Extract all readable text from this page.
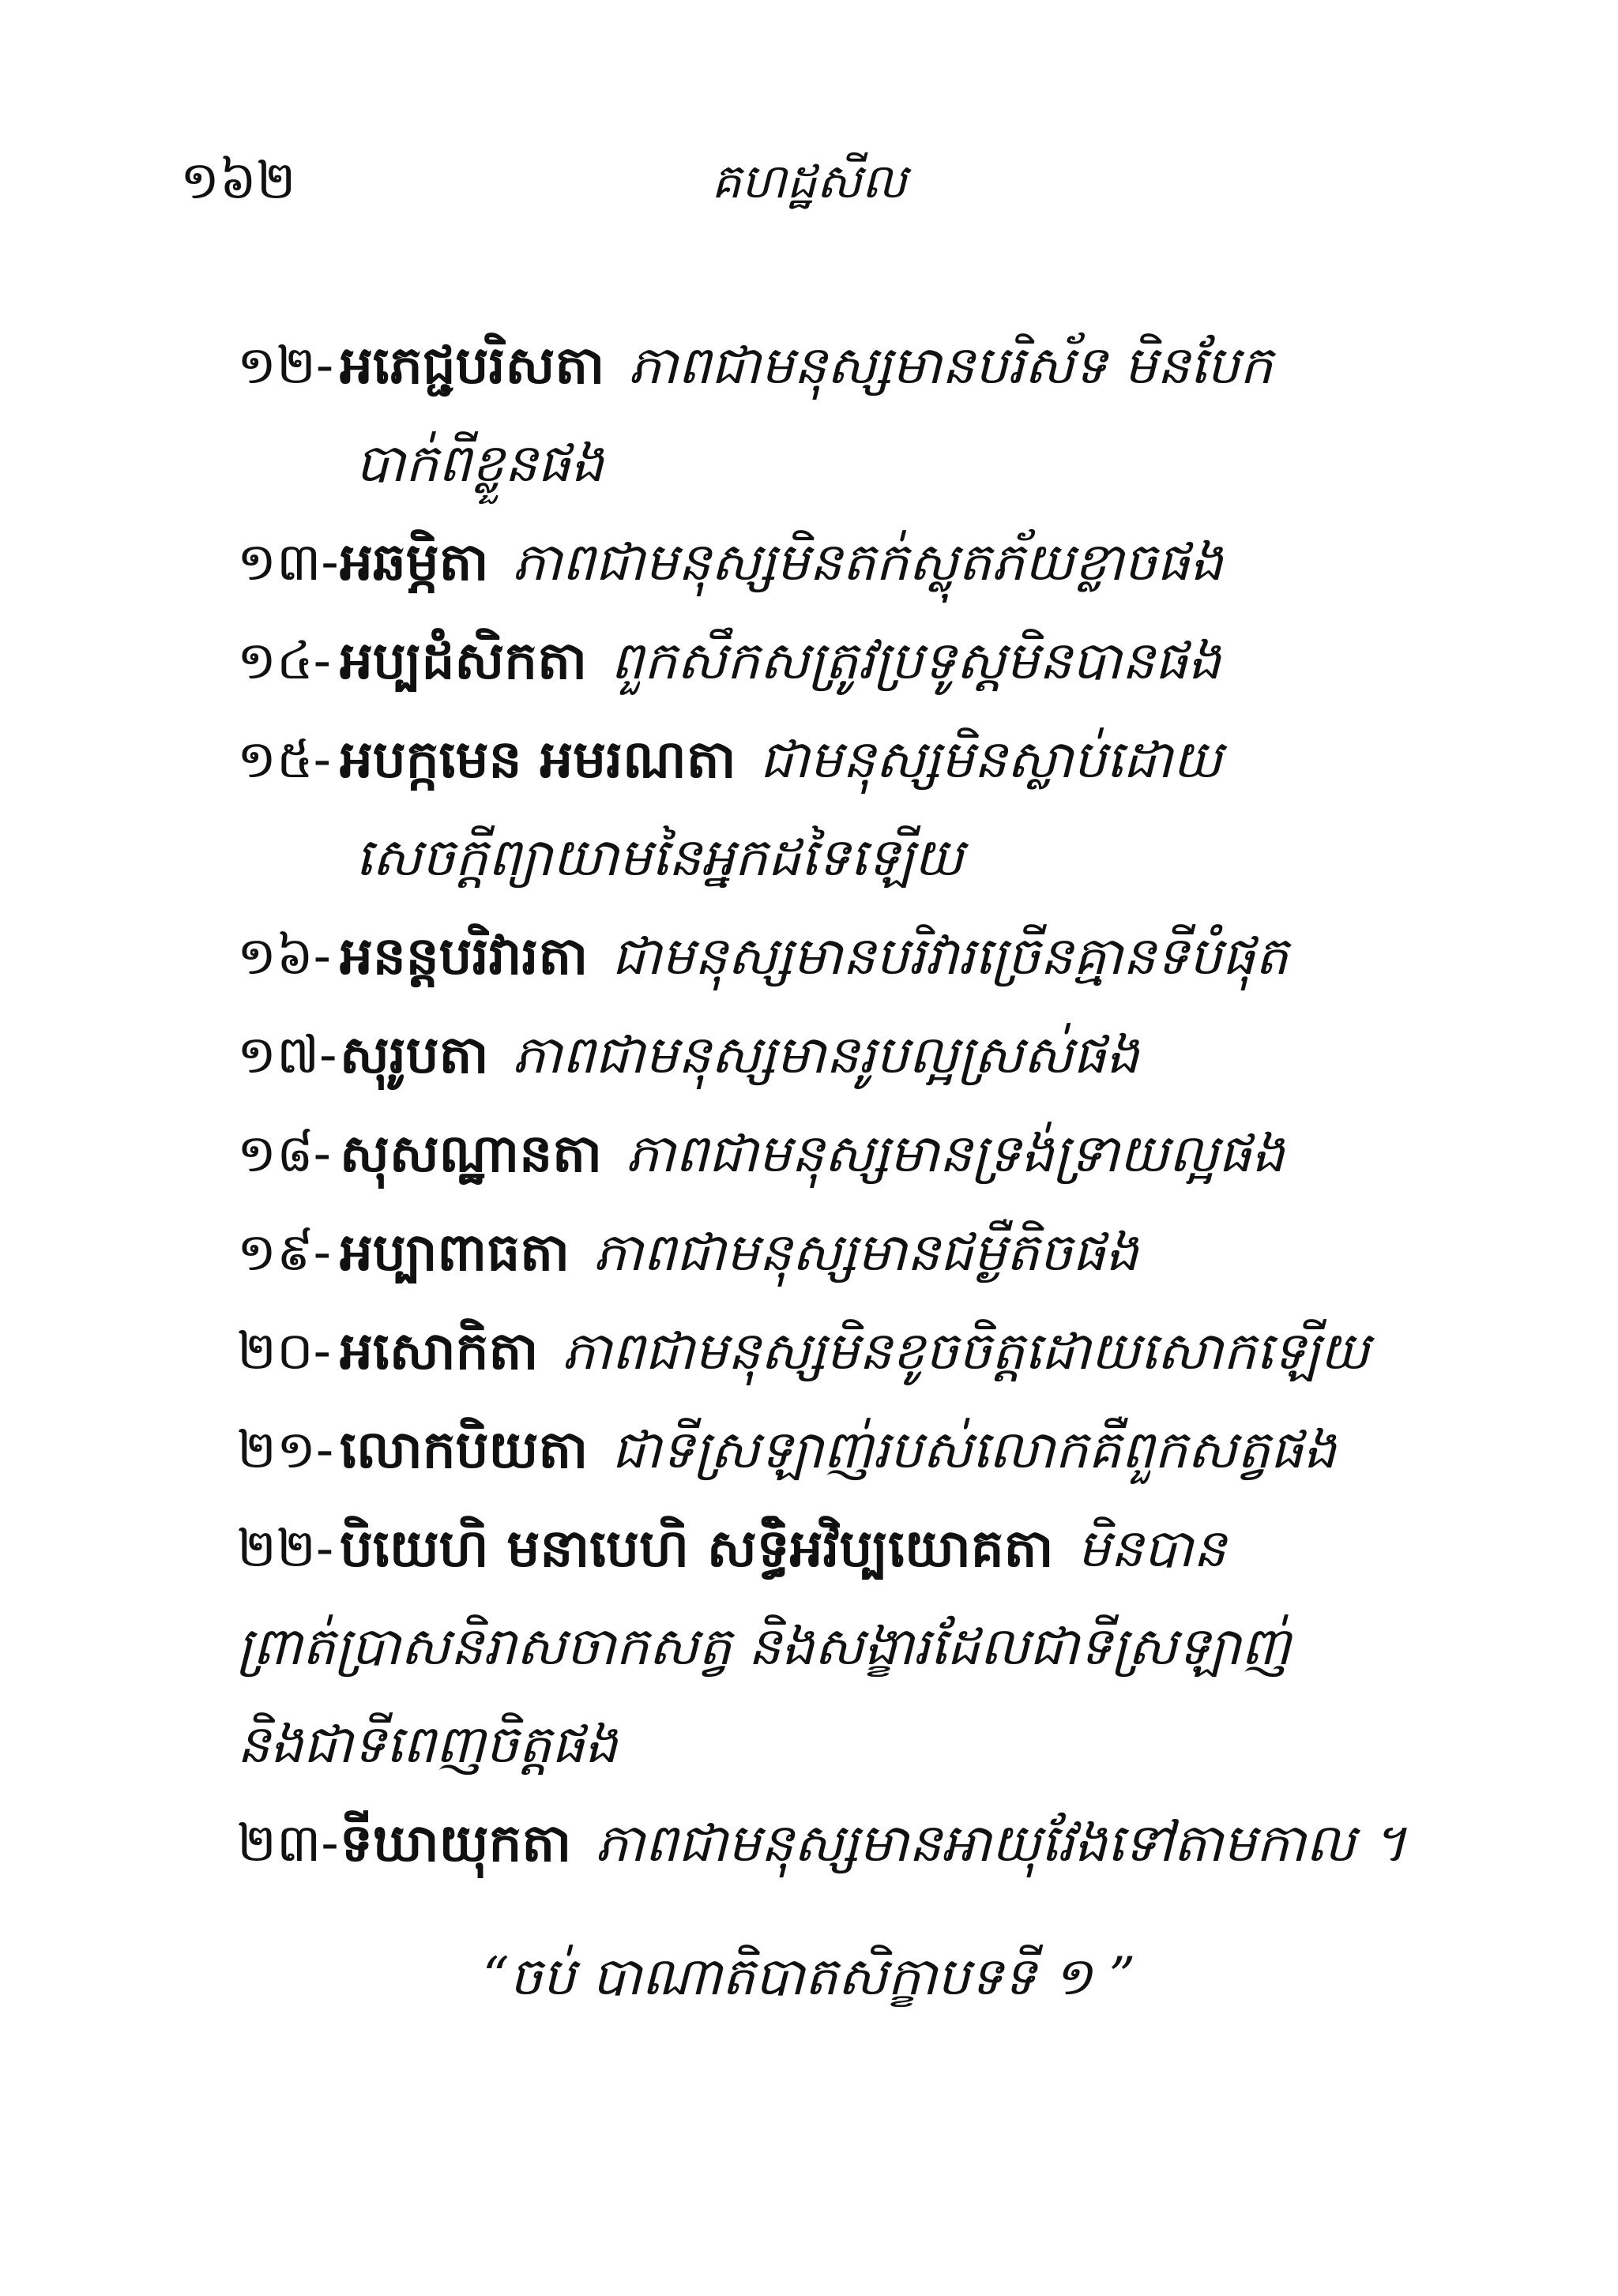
១៦២	គហដ្ឋសីល
១២- អភេជ្ជបរិសតា ភាពជាមនុស្សមានបរិស័ទ មិនបែក
បាក់ពីខ្លួនផង
១៣-អឆម្ភិតា ភាពជាមនុស្សមិនតក់ស្លុតភ័យខ្លាចផង
១៤- អប្បដំសិកតា ពួកសឹកសត្រូវប្រទូស្តមិនបានផង
១៥- អបក្កមេន អមរណតា ជាមនុស្សមិនស្លាប់ដោយ
សេចក្តីព្យាយាមនៃអ្នកដទៃឡើយ
១៦- អនន្តបរិវារតា ជាមនុស្សមានបរិវារច្រើនគ្មានទីបំផុត
១៧-សុរូបតា ភាពជាមនុស្សមានរូបល្អស្រស់ផង
១៨- សុសណ្ឋានតា ភាពជាមនុស្សមានទ្រង់ទ្រាយល្អផង
១៩- អប្បាពាធតា ភាពជាមនុស្សមានជម្ងឺតិចផង
២០- អសោកិតា ភាពជាមនុស្សមិនខូចចិត្តដោយសោកឡើយ
២១- លោកបិយតា ជាទីស្រឡាញ់របស់លោកគឺពួកសត្វផង
២២- បិយេហិ មនាបេហិ សទ្ធិំអវិប្បយោគតា មិនបាន
ព្រាត់ប្រាសនិរាសចាកសត្វ និងសង្ខារដែលជាទីស្រឡាញ់
និងជាទីពេញចិត្តផង
២៣-ទីឃាយុកតា ភាពជាមនុស្សមានអាយុវែងទៅតាមកាល ។
“ចប់ បាណាតិបាតសិក្ខាបទទី ១ ”
